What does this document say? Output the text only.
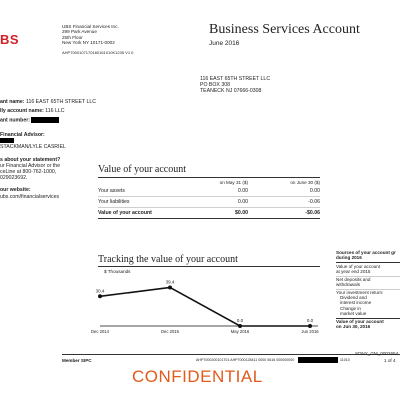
BS
UBS Financial Services Inc.
299 Park Avenue
25th Floor
New York NY 10171-0002
AHP7000107170160161010K1235 V1 0
Business Services Account
June 2016
116 EAST 65TH STREET LLC
PO BOX 308
TEANECK NJ 07666-0308
ant name: 116 EAST 65TH STREET LLC
lly account name: 116 LLC
ant number:
Financial Advisor:
STACKMAN/LYLE CASRIEL
s about your statement?
ur Financial Advisor or the
ceLine at 800-762-1000,
029023692.
our website:
ubs.com/financialservices
Value of your account
on May 31 ($)	on June 30 ($)
Your assets	0.00	0.00
Your liabilities	0.00	-0.06
Value of your account	$0.00	-$0.06
Tracking the value of your account
$ Thousands
30.4
Dec 2014
39.4
Dec 2015
0.0
May 2016
0.0
Jun 2016
Sources of your account gr
during 2016
Value of your account
at year end 2015
Net deposits and
withdrawals
Your investment return:
Dividend and
interest income
Change in
market value
Value of your account
on Jun 30, 2016
Member SIPC	AHP7000200101701 AHP7000128411 0000 0616 000000000	11010
SDNY_GM_0002654
1 of 4
CONFIDENTIAL
